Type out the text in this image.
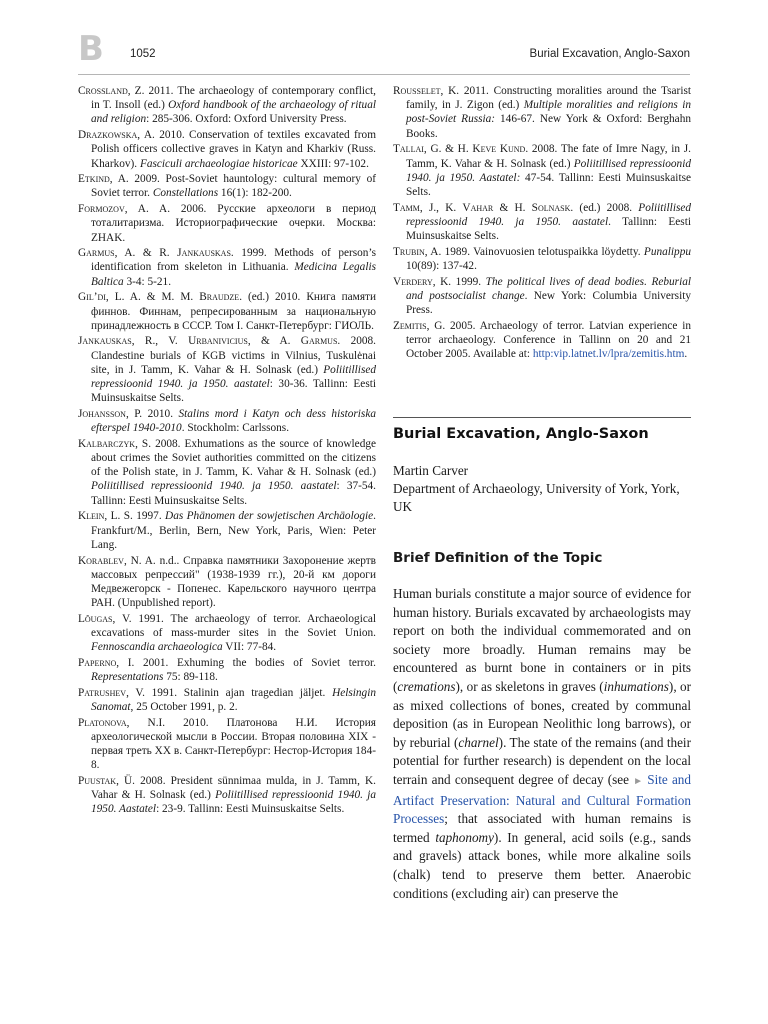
B 1052	Burial Excavation, Anglo-Saxon

Crossland, Z. 2011. The archaeology of contemporary conflict, in T. Insoll (ed.) Oxford handbook of the archaeology of ritual and religion: 285-306. Oxford: Oxford University Press.

Drazkowska, A. 2010. Conservation of textiles excavated from Polish officers collective graves in Katyn and Kharkiv (Russ. Kharkov). Fasciculi archaeologiae historicae XXIII: 97-102.

Etkind, A. 2009. Post-Soviet hauntology: cultural memory of Soviet terror. Constellations 16(1): 182-200.

Formozov, A. A. 2006. Русские археологи в период тоталитаризма. Историографические очерки. Москва: ZHAK.

Garmus, A. & R. Jankauskas. 1999. Methods of person’s identification from skeleton in Lithuania. Medicina Legalis Baltica 3-4: 5-21.

Gil’di, L. A. & M. M. Braudze. (ed.) 2010. Книга памяти финнов. Финнам, репресированным за национальную принадлежность в СССР. Том I. Санкт-Петербург: ГИОЛЬ.

Jankauskas, R., V. Urbanivicius, & A. Garmus. 2008. Clandestine burials of KGB victims in Vilnius, Tuskulėnai site, in J. Tamm, K. Vahar & H. Solnask (ed.) Poliitillised repressioonid 1940. ja 1950. aastatel: 30-36. Tallinn: Eesti Muinsuskaitse Selts.

Johansson, P. 2010. Stalins mord i Katyn och dess historiska efterspel 1940-2010. Stockholm: Carlssons.

Kalbarczyk, S. 2008. Exhumations as the source of knowledge about crimes the Soviet authorities committed on the citizens of the Polish state, in J. Tamm, K. Vahar & H. Solnask (ed.) Poliitillised repressioonid 1940. ja 1950. aastatel: 37-54. Tallinn: Eesti Muinsuskaitse Selts.

Klein, L. S. 1997. Das Phänomen der sowjetischen Archäologie. Frankfurt/M., Berlin, Bern, New York, Paris, Wien: Peter Lang.

Korablev, N. A. n.d.. Справка памятники Захоронение жертв массовых репрессий" (1938-1939 гг.), 20-й км дороги Медвежегорск - Попенес. Карельского научного центра РАН. (Unpublished report).

Lõugas, V. 1991. The archaeology of terror. Archaeological excavations of mass-murder sites in the Soviet Union. Fennoscandia archaeologica VII: 77-84.

Paperno, I. 2001. Exhuming the bodies of Soviet terror. Representations 75: 89-118.

Patrushev, V. 1991. Stalinin ajan tragedian jäljet. Helsingin Sanomat, 25 October 1991, p. 2.

Platonova, N.I. 2010. Платонова Н.И. История археологической мысли в России. Вторая половина XIX - первая треть XX в. Санкт-Петербург: Нестор-История 184-8.

Puustak, Ü. 2008. President sünnimaa mulda, in J. Tamm, K. Vahar & H. Solnask (ed.) Poliitillised repressioonid 1940. ja 1950. Aastatel: 23-9. Tallinn: Eesti Muinsuskaitse Selts.

Rousselet, K. 2011. Constructing moralities around the Tsarist family, in J. Zigon (ed.) Multiple moralities and religions in post-Soviet Russia: 146-67. New York & Oxford: Berghahn Books.

Tallai, G. & H. Keve Kund. 2008. The fate of Imre Nagy, in J. Tamm, K. Vahar & H. Solnask (ed.) Poliitillised repressioonid 1940. ja 1950. Aastatel: 47-54. Tallinn: Eesti Muinsuskaitse Selts.

Tamm, J., K. Vahar & H. Solnask. (ed.) 2008. Poliitillised repressioonid 1940. ja 1950. aastatel. Tallinn: Eesti Muinsuskaitse Selts.

Trubin, A. 1989. Vainovuosien telotuspaikka löydetty. Punalippu 10(89): 137-42.

Verdery, K. 1999. The political lives of dead bodies. Reburial and postsocialist change. New York: Columbia University Press.

Zemitis, G. 2005. Archaeology of terror. Latvian experience in terror archaeology. Conference in Tallinn on 20 and 21 October 2005. Available at: http:vip.latnet.lv/lpra/zemitis.htm.

Burial Excavation, Anglo-Saxon
Martin Carver
Department of Archaeology, University of York, York, UK
Brief Definition of the Topic

Human burials constitute a major source of evidence for human history. Burials excavated by archaeologists may report on both the individual commemorated and on society more broadly. Human remains may be encountered as burnt bone in containers or in pits (cremations), or as skeletons in graves (inhumations), or as mixed collections of bones, created by communal deposition (as in European Neolithic long barrows), or by reburial (charnel). The state of the remains (and their potential for further research) is dependent on the local terrain and consequent degree of decay (see ► Site and Artifact Preservation: Natural and Cultural Formation Processes; that associated with human remains is termed taphonomy). In general, acid soils (e.g., sands and gravels) attack bones, while more alkaline soils (chalk) tend to preserve them better. Anaerobic conditions (excluding air) can preserve the
